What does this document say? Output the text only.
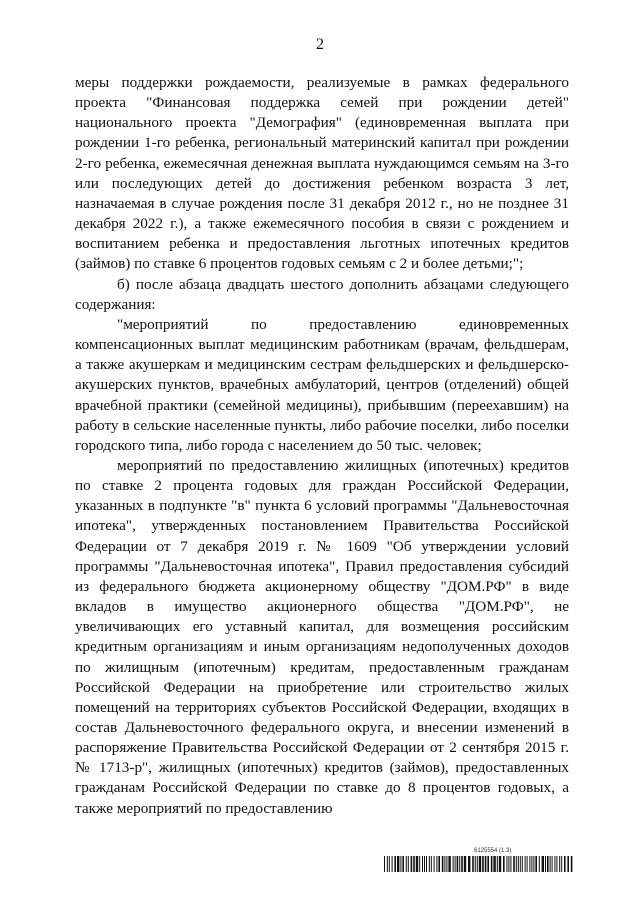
2

меры поддержки рождаемости, реализуемые в рамках федерального проекта "Финансовая поддержка семей при рождении детей" национального проекта "Демография" (единовременная выплата при рождении 1-го ребенка, региональный материнский капитал при рождении 2-го ребенка, ежемесячная денежная выплата нуждающимся семьям на 3-го или последующих детей до достижения ребенком возраста 3 лет, назначаемая в случае рождения после 31 декабря 2012 г., но не позднее 31 декабря 2022 г.), а также ежемесячного пособия в связи с рождением и воспитанием ребенка и предоставления льготных ипотечных кредитов (займов) по ставке 6 процентов годовых семьям с 2 и более детьми;";

б) после абзаца двадцать шестого дополнить абзацами следующего содержания:

"мероприятий по предоставлению единовременных компенсационных выплат медицинским работникам (врачам, фельдшерам, а также акушеркам и медицинским сестрам фельдшерских и фельдшерско-акушерских пунктов, врачебных амбулаторий, центров (отделений) общей врачебной практики (семейной медицины), прибывшим (переехавшим) на работу в сельские населенные пункты, либо рабочие поселки, либо поселки городского типа, либо города с населением до 50 тыс. человек;

мероприятий по предоставлению жилищных (ипотечных) кредитов по ставке 2 процента годовых для граждан Российской Федерации, указанных в подпункте "в" пункта 6 условий программы "Дальневосточная ипотека", утвержденных постановлением Правительства Российской Федерации от 7 декабря 2019 г. № 1609 "Об утверждении условий программы "Дальневосточная ипотека", Правил предоставления субсидий из федерального бюджета акционерному обществу "ДОМ.РФ" в виде вкладов в имущество акционерного общества "ДОМ.РФ", не увеличивающих его уставный капитал, для возмещения российским кредитным организациям и иным организациям недополученных доходов по жилищным (ипотечным) кредитам, предоставленным гражданам Российской Федерации на приобретение или строительство жилых помещений на территориях субъектов Российской Федерации, входящих в состав Дальневосточного федерального округа, и внесении изменений в распоряжение Правительства Российской Федерации от 2 сентября 2015 г. № 1713-р", жилищных (ипотечных) кредитов (займов), предоставленных гражданам Российской Федерации по ставке до 8 процентов годовых, а также мероприятий по предоставлению

6125554 (1.3)
